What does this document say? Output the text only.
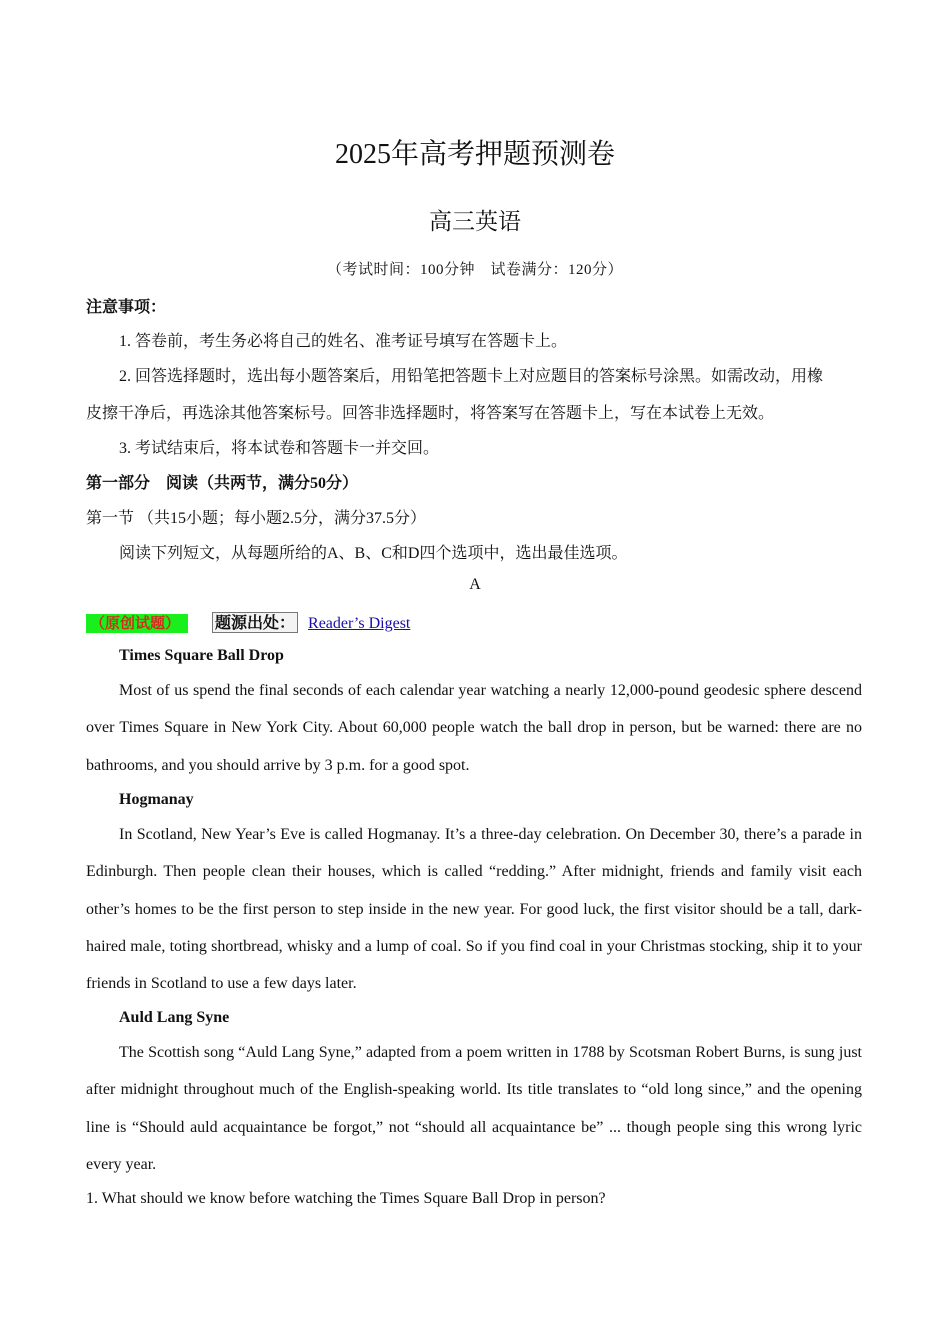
2025年高考押题预测卷
高三英语
（考试时间：100分钟　试卷满分：120分）
注意事项：
1. 答卷前，考生务必将自己的姓名、准考证号填写在答题卡上。
2. 回答选择题时，选出每小题答案后，用铅笔把答题卡上对应题目的答案标号涂黑。如需改动，用橡
皮擦干净后，再选涂其他答案标号。回答非选择题时，将答案写在答题卡上，写在本试卷上无效。
3. 考试结束后，将本试卷和答题卡一并交回。
第一部分　阅读（共两节，满分50分）
第一节 （共15小题；每小题2.5分，满分37.5分）
阅读下列短文，从每题所给的A、B、C和D四个选项中，选出最佳选项。
A
（原创试题） 题源出处： Reader’s Digest
Times Square Ball Drop
Most of us spend the final seconds of each calendar year watching a nearly 12,000-pound geodesic sphere descend over Times Square in New York City. About 60,000 people watch the ball drop in person, but be warned: there are no bathrooms, and you should arrive by 3 p.m. for a good spot.
Hogmanay
In Scotland, New Year’s Eve is called Hogmanay. It’s a three-day celebration. On December 30, there’s a parade in Edinburgh. Then people clean their houses, which is called “redding.” After midnight, friends and family visit each other’s homes to be the first person to step inside in the new year. For good luck, the first visitor should be a tall, dark-haired male, toting shortbread, whisky and a lump of coal. So if you find coal in your Christmas stocking, ship it to your friends in Scotland to use a few days later.
Auld Lang Syne
The Scottish song “Auld Lang Syne,” adapted from a poem written in 1788 by Scotsman Robert Burns, is sung just after midnight throughout much of the English-speaking world. Its title translates to “old long since,” and the opening line is “Should auld acquaintance be forgot,” not “should all acquaintance be” ... though people sing this wrong lyric every year.
1. What should we know before watching the Times Square Ball Drop in person?
